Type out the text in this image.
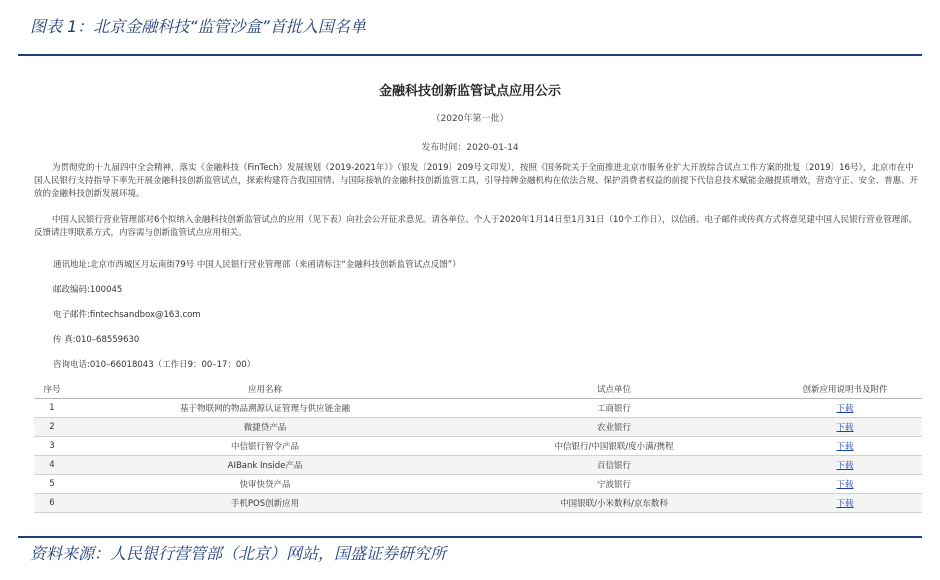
图表 1：北京金融科技“监管沙盒”首批入国名单
金融科技创新监管试点应用公示
（2020年第一批）
发布时间：2020-01-14
为贯彻党的十九届四中全会精神，落实《金融科技（FinTech）发展规划（2019-2021年）》（银发〔2019〕209号文印发），按照《国务院关于全面推进北京市服务业扩大开放综合试点工作方案的批复〔2019〕16号》，北京市在中国人民银行支持指导下率先开展金融科技创新监管试点，探索构建符合我国国情、与国际接轨的金融科技创新监管工具，引导持牌金融机构在依法合规、保护消费者权益的前提下代信息技术赋能金融提质增效，营造守正、安全、普惠、开放的金融科技创新发展环境。
中国人民银行营业管理部对6个拟纳入金融科技创新监管试点的应用（见下表）向社会公开征求意见。请各单位、个人于2020年1月14日至1月31日（10个工作日），以信函、电子邮件或传真方式将意见建中国人民银行营业管理部。反馈请注明联系方式，内容需与创新监管试点应用相关。
通讯地址:北京市西城区月坛南街79号 中国人民银行营业管理部（来函请标注“金融科技创新监管试点反馈”）
邮政编码:100045
电子邮件:fintechsandbox@163.com
传 真:010–68559630
咨询电话:010–66018043（工作日9：00–17：00）
序号	应用名称	试点单位	创新应用说明书及附件
1	基于物联网的物品溯源认证管理与供应链金融	工商银行	下载
2	微捷贷产品	农业银行	下载
3	中信银行智令产品	中信银行/中国银联/度小满/携程	下载
4	AIBank Inside产品	百信银行	下载
5	快审快贷产品	宁波银行	下载
6	手机POS创新应用	中国银联/小米数科/京东数科	下载
资料来源：人民银行营管部（北京）网站，国盛证券研究所
